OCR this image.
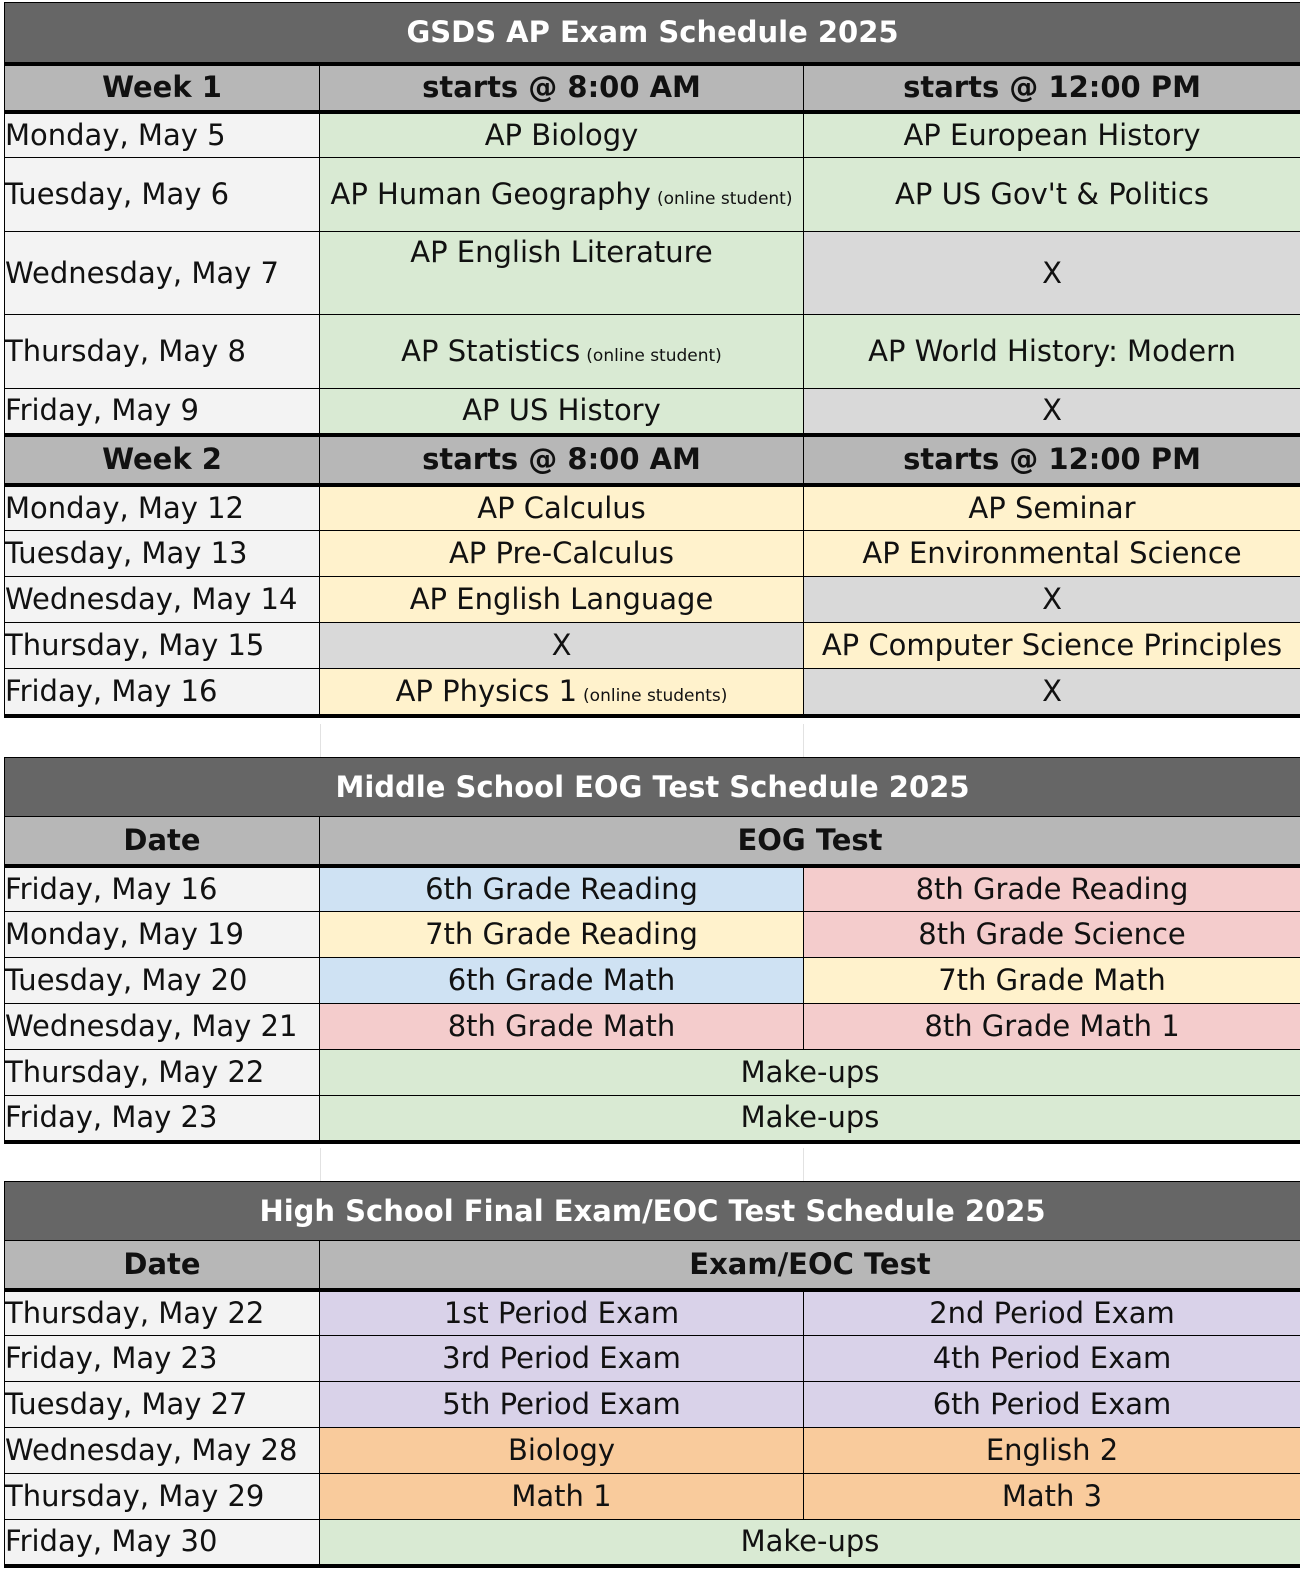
GSDS AP Exam Schedule 2025		
Week 1	starts @ 8:00 AM	starts @ 12:00 PM
Monday, May 5	AP Biology	AP European History
Tuesday, May 6	AP Human Geography (online student)	AP US Gov't & Politics
Wednesday, May 7	AP English Literature	X
Thursday, May 8	AP Statistics (online student)	AP World History: Modern
Friday, May 9	AP US History	X
Week 2	starts @ 8:00 AM	starts @ 12:00 PM
Monday, May 12	AP Calculus	AP Seminar
Tuesday, May 13	AP Pre-Calculus	AP Environmental Science
Wednesday, May 14	AP English Language	X
Thursday, May 15	X	AP Computer Science Principles
Friday, May 16	AP Physics 1 (online students)	X
Middle School EOG Test Schedule 2025		
Date	EOG Test	
Friday, May 16	6th Grade Reading	8th Grade Reading
Monday, May 19	7th Grade Reading	8th Grade Science
Tuesday, May 20	6th Grade Math	7th Grade Math
Wednesday, May 21	8th Grade Math	8th Grade Math 1
Thursday, May 22	Make-ups	
Friday, May 23	Make-ups	
High School Final Exam/EOC Test Schedule 2025		
Date	Exam/EOC Test	
Thursday, May 22	1st Period Exam	2nd Period Exam
Friday, May 23	3rd Period Exam	4th Period Exam
Tuesday, May 27	5th Period Exam	6th Period Exam
Wednesday, May 28	Biology	English 2
Thursday, May 29	Math 1	Math 3
Friday, May 30	Make-ups	
